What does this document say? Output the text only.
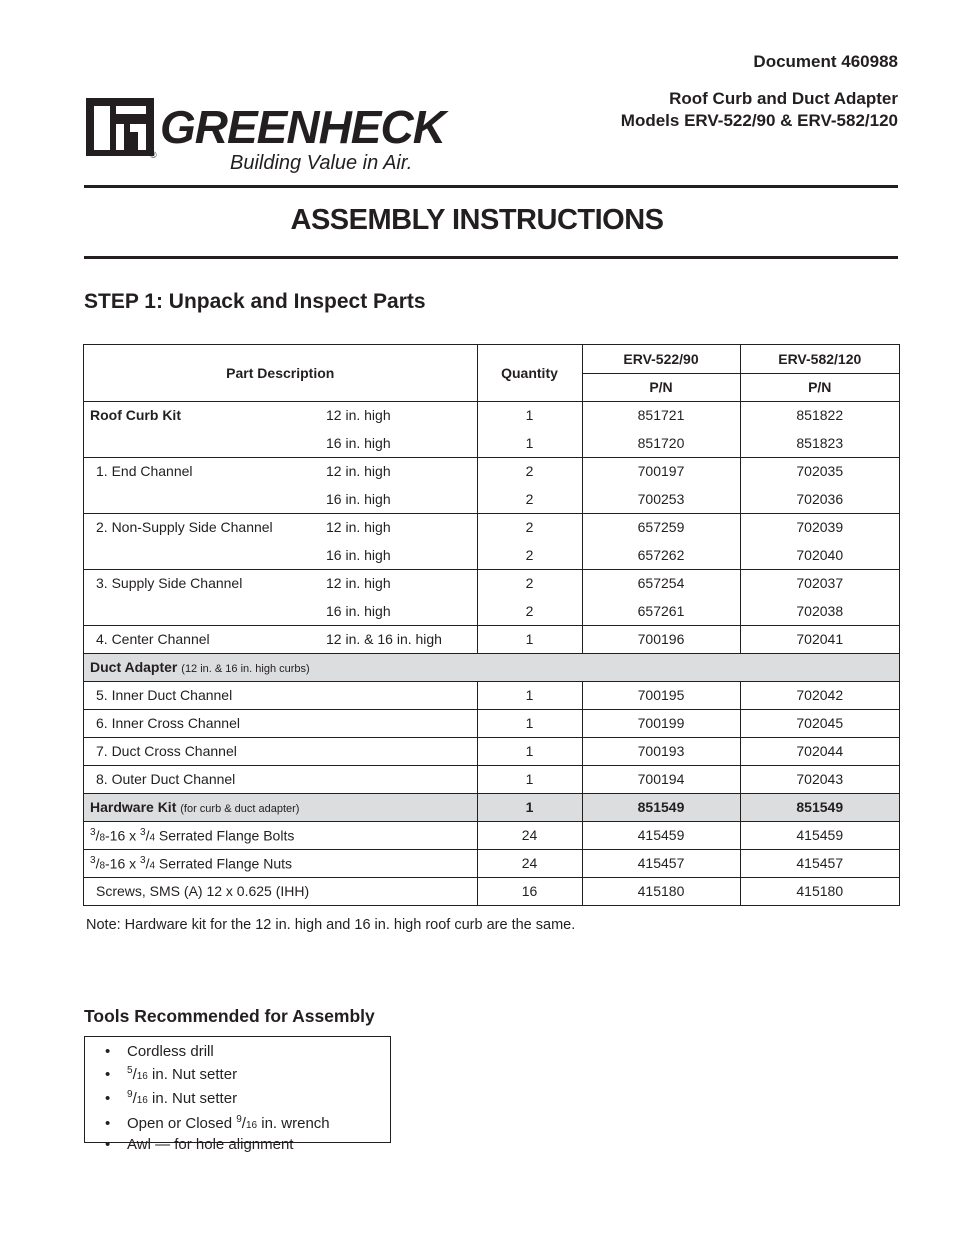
Document 460988
Roof Curb and Duct Adapter
Models ERV-522/90 & ERV-582/120
GREENHECK
®	Building Value in Air.
ASSEMBLY INSTRUCTIONS
STEP 1: Unpack and Inspect Parts
Part Description		Quantity	ERV-522/90	ERV-582/120
			P/N	P/N
Roof Curb Kit	12 in. high	1	851721	851822
	16 in. high	1	851720	851823
1. End Channel	12 in. high	2	700197	702035
	16 in. high	2	700253	702036
2. Non-Supply Side Channel	12 in. high	2	657259	702039
	16 in. high	2	657262	702040
3. Supply Side Channel	12 in. high	2	657254	702037
	16 in. high	2	657261	702038
4. Center Channel	12 in. & 16 in. high	1	700196	702041
Duct Adapter (12 in. & 16 in. high curbs)				
5. Inner Duct Channel		1	700195	702042
6. Inner Cross Channel		1	700199	702045
7. Duct Cross Channel		1	700193	702044
8. Outer Duct Channel		1	700194	702043
Hardware Kit (for curb & duct adapter)		1	851549	851549
$^3$/8-16 x $^3$/4 Serrated Flange Bolts		24	415459	415459
$^3$/8-16 x $^3$/4 Serrated Flange Nuts		24	415457	415457
Screws, SMS (A) 12 x 0.625 (IHH)		16	415180	415180
Note: Hardware kit for the 12 in. high and 16 in. high roof curb are the same.
Tools Recommended for Assembly
• Cordless drill
• $^5$/16 in. Nut setter
• $^9$/16 in. Nut setter
• Open or Closed $^9$/16 in. wrench
• Awl — for hole alignment
